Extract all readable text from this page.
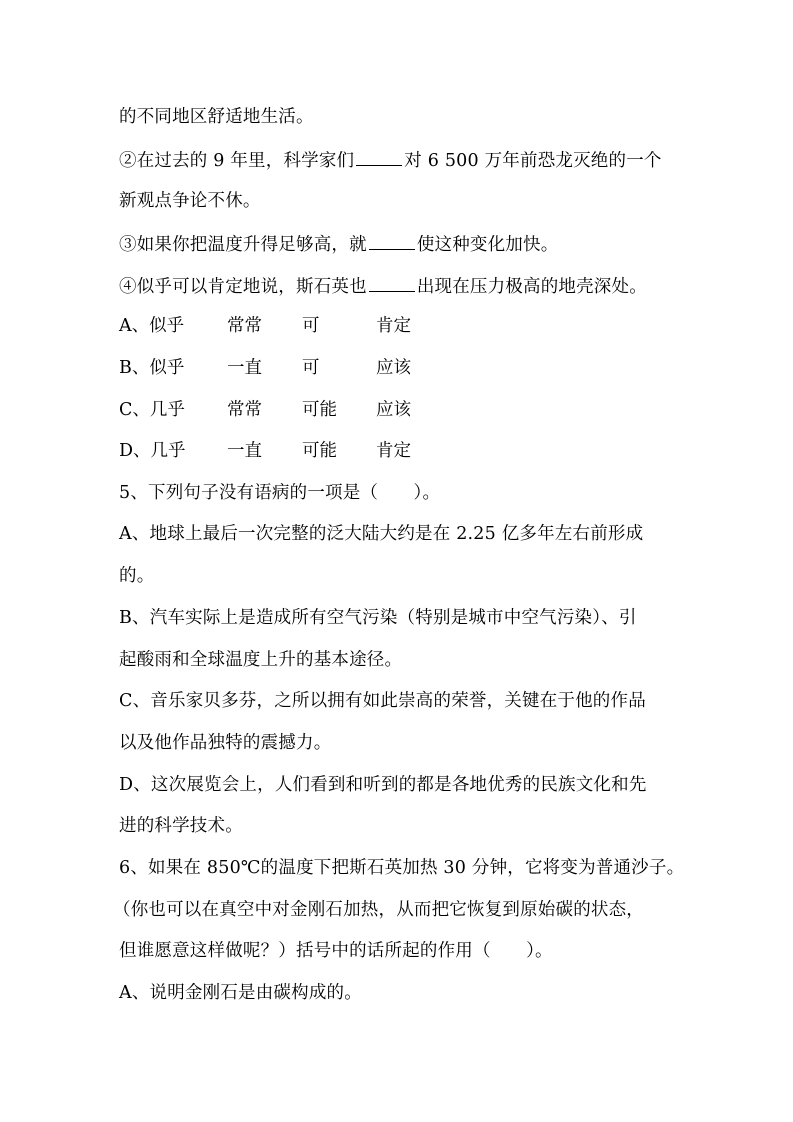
的不同地区舒适地生活。
②在过去的 9 年里，科学家们	对 6 500 万年前恐龙灭绝的一个
新观点争论不休。
③如果你把温度升得足够高，就	使这种变化加快。
④似乎可以肯定地说，斯石英也	出现在压力极高的地壳深处。
A、似乎 常常 可	肯定
B、似乎 一直 可	应该
C、几乎 常常 可能 应该
D、几乎 一直 可能 肯定
5、下列句子没有语病的一项是（　　）。
A、地球上最后一次完整的泛大陆大约是在 2.25 亿多年左右前形成
的。
B、汽车实际上是造成所有空气污染（特别是城市中空气污染）、引
起酸雨和全球温度上升的基本途径。
C、音乐家贝多芬，之所以拥有如此崇高的荣誉，关键在于他的作品
以及他作品独特的震撼力。
D、这次展览会上，人们看到和听到的都是各地优秀的民族文化和先
进的科学技术。
6、如果在 850℃的温度下把斯石英加热 30 分钟，它将变为普通沙子。
（你也可以在真空中对金刚石加热，从而把它恢复到原始碳的状态，
但谁愿意这样做呢？）括号中的话所起的作用（　　）。
A、说明金刚石是由碳构成的。
